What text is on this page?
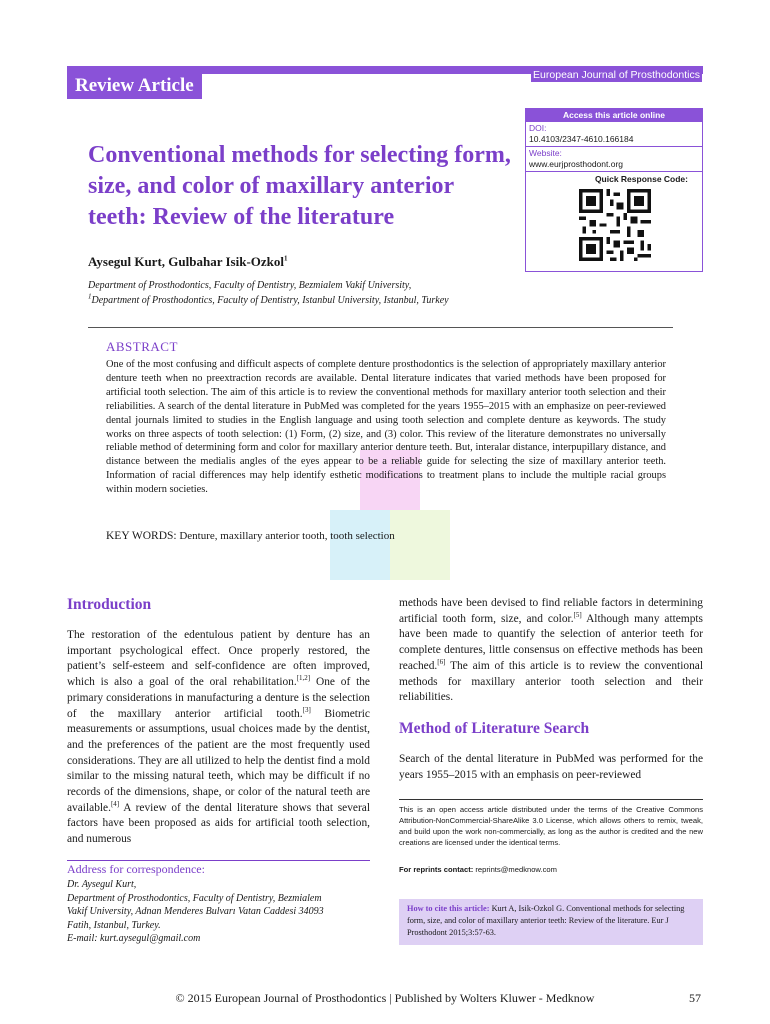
European Journal of Prosthodontics
Review Article
Conventional methods for selecting form, size, and color of maxillary anterior teeth: Review of the literature
Aysegul Kurt, Gulbahar Isik-Ozkol$^1$
Department of Prosthodontics, Faculty of Dentistry, Bezmialem Vakif University,
$^1$Department of Prosthodontics, Faculty of Dentistry, Istanbul University, Istanbul, Turkey
Access this article online
DOI:
10.4103/2347-4610.166184
Website:
www.eurjprosthodont.org
Quick Response Code:
ABSTRACT

One of the most confusing and difficult aspects of complete denture prosthodontics is the selection of appropriately maxillary anterior denture teeth when no preextraction records are available. Dental literature indicates that varied methods have been proposed for artificial tooth selection. The aim of this article is to review the conventional methods for maxillary anterior tooth selection and their reliabilities. A search of the dental literature in PubMed was completed for the years 1955–2015 with an emphasize on peer-reviewed dental journals limited to studies in the English language and using tooth selection and complete denture as keywords. The study works on three aspects of tooth selection: (1) Form, (2) size, and (3) color. This review of the literature demonstrates no universally reliable method of determining form and color for maxillary anterior denture teeth. But, interalar distance, interpupillary distance, and distance between the medialis angles of the eyes appear to be a reliable guide for selecting the size of maxillary anterior teeth. Information of racial differences may help identify esthetic modifications to treatment plans to include the multiple racial groups within modern societies.

KEY WORDS: Denture, maxillary anterior tooth, tooth selection
Introduction

The restoration of the edentulous patient by denture has an important psychological effect. Once properly restored, the patient’s self-esteem and self-confidence are often improved, which is also a goal of the oral rehabilitation.[1,2] One of the primary considerations in manufacturing a denture is the selection of the maxillary anterior artificial tooth.[3] Biometric measurements or assumptions, usual choices made by the dentist, and the preferences of the patient are the most frequently used considerations. They are all utilized to help the dentist find a mold similar to the missing natural teeth, which may be difficult if no records of the dimensions, shape, or color of the natural teeth are available.[4] A review of the dental literature shows that several factors have been proposed as aids for artificial tooth selection, and numerous

Address for correspondence:
Dr. Aysegul Kurt,
Department of Prosthodontics, Faculty of Dentistry, Bezmialem
Vakif University, Adnan Menderes Bulvarı Vatan Caddesi 34093
Fatih, Istanbul, Turkey.
E-mail: kurt.aysegul@gmail.com

methods have been devised to find reliable factors in determining artificial tooth form, size, and color.[5] Although many attempts have been made to quantify the selection of anterior teeth for complete dentures, little consensus on effective methods has been reached.[6] The aim of this article is to review the conventional methods for maxillary anterior tooth selection and their reliabilities.

Method of Literature Search

Search of the dental literature in PubMed was performed for the years 1955–2015 with an emphasis on peer-reviewed

This is an open access article distributed under the terms of the Creative Commons Attribution-NonCommercial-ShareAlike 3.0 License, which allows others to remix, tweak, and build upon the work non-commercially, as long as the author is credited and the new creations are licensed under the identical terms.
For reprints contact: reprints@medknow.com
How to cite this article: Kurt A, Isik-Ozkol G. Conventional methods for selecting form, size, and color of maxillary anterior teeth: Review of the literature. Eur J Prosthodont 2015;3:57-63.
© 2015 European Journal of Prosthodontics | Published by Wolters Kluwer - Medknow	57
